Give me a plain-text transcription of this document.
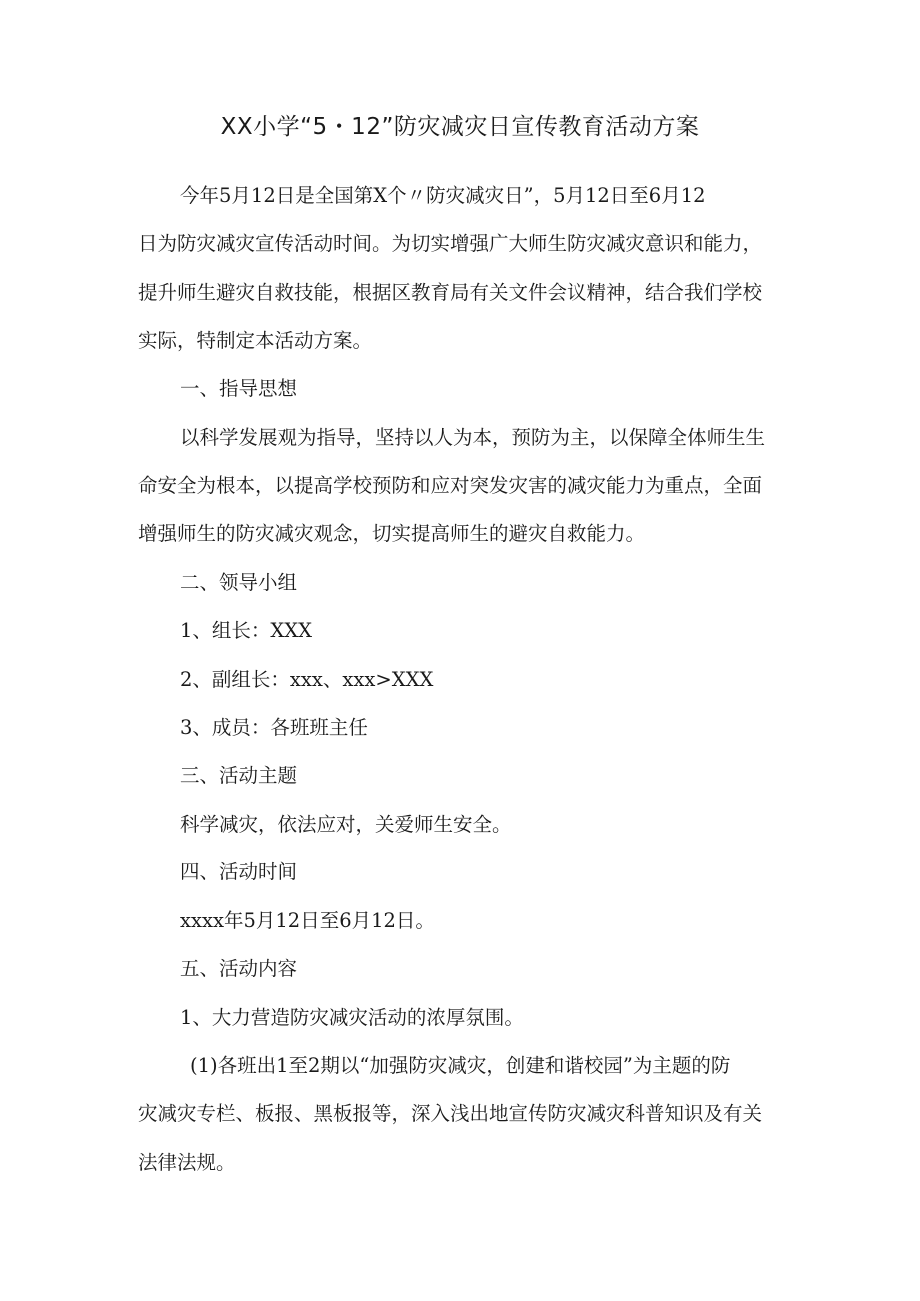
XX小学“5・12”防灾减灾日宣传教育活动方案

今年5月12日是全国第X个〃防灾减灾日”，5月12日至6月12

日为防灾减灾宣传活动时间。为切实增强广大师生防灾减灾意识和能力，

提升师生避灾自救技能，根据区教育局有关文件会议精神，结合我们学校

实际，特制定本活动方案。

一、指导思想

以科学发展观为指导，坚持以人为本，预防为主，以保障全体师生生

命安全为根本，以提高学校预防和应对突发灾害的减灾能力为重点，全面

增强师生的防灾减灾观念，切实提高师生的避灾自救能力。

二、领导小组

1、组长：XXX

2、副组长：xxx、xxx>XXX

3、成员：各班班主任

三、活动主题

科学减灾，依法应对，关爱师生安全。

四、活动时间

xxxx年5月12日至6月12日。

五、活动内容

1、大力营造防灾减灾活动的浓厚氛围。

(1)各班出1至2期以“加强防灾减灾，创建和谐校园”为主题的防

灾减灾专栏、板报、黑板报等，深入浅出地宣传防灾减灾科普知识及有关

法律法规。
